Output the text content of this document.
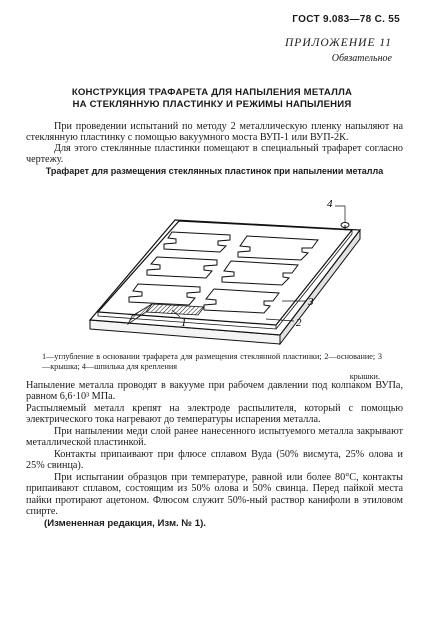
ГОСТ 9.083—78 С. 55
ПРИЛОЖЕНИЕ 11
Обязательное
КОНСТРУКЦИЯ ТРАФАРЕТА ДЛЯ НАПЫЛЕНИЯ МЕТАЛЛА
НА СТЕКЛЯННУЮ ПЛАСТИНКУ И РЕЖИМЫ НАПЫЛЕНИЯ
При проведении испытаний по методу 2 металлическую пленку напыляют на стеклянную пластинку с помощью вакуумного моста ВУП-1 или ВУП-2К.
Для этого стеклянные пластинки помещают в специальный трафарет согласно чертежу.
Трафарет для размещения стеклянных пластинок при напылении металла
4
3
2
1
1—углубление в основании трафарета для размещения стеклянной пластинки; 2—основание; 3—крышка; 4—шпилька для крепления
крышки.
Напыление металла проводят в вакууме при рабочем давлении под колпаком ВУПа, равном 6,6·10³ МПа.
Распыляемый металл крепят на электроде распылителя, который с помощью электрического тока нагревают до температуры испарения металла.
При напылении меди слой ранее нанесенного испытуемого металла закрывают металлической пластинкой.
Контакты припаивают при флюсе сплавом Вуда (50% висмута, 25% олова и 25% свинца).
При испытании образцов при температуре, равной или более 80°С, контакты припаивают сплавом, состоящим из 50% олова и 50% свинца. Перед пайкой места пайки протирают ацетоном. Флюсом служит 50%-ный раствор канифоли в этиловом спирте.
(Измененная редакция, Изм. № 1).
